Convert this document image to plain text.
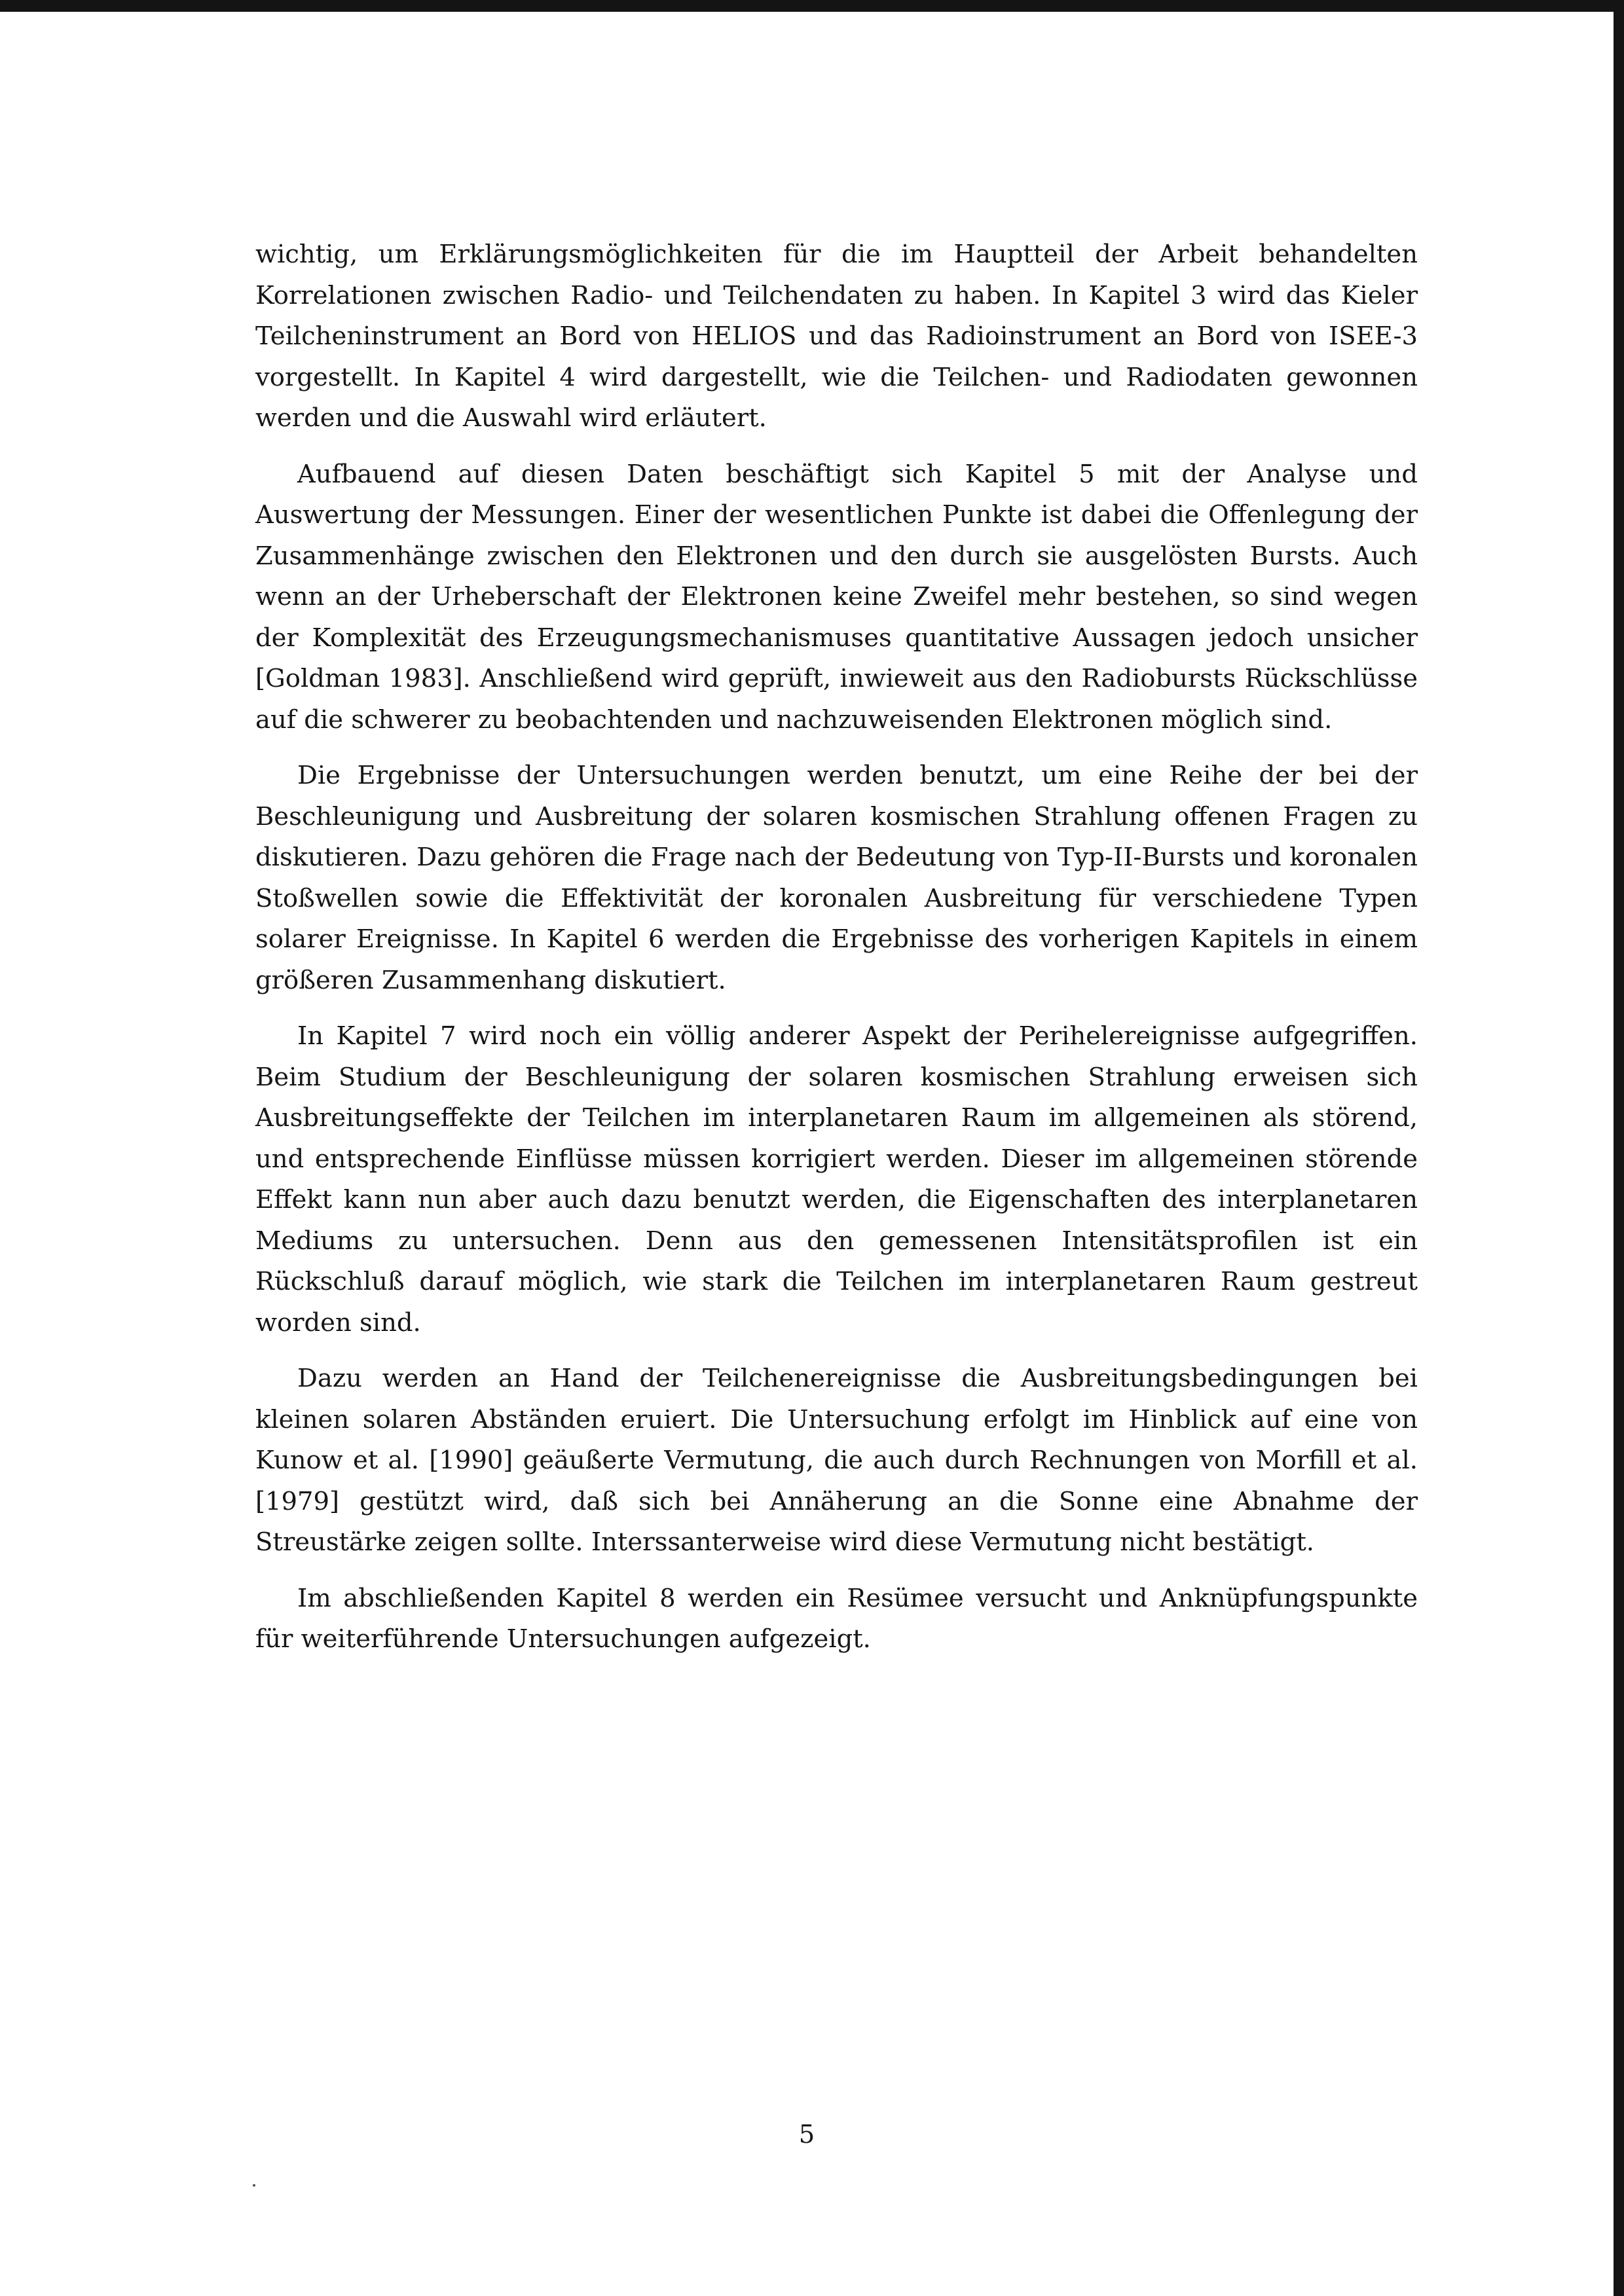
wichtig, um Erklärungsmöglichkeiten für die im Hauptteil der Arbeit behandelten Korrelationen zwischen Radio- und Teilchendaten zu haben. In Kapitel 3 wird das Kieler Teilcheninstrument an Bord von HELIOS und das Radioinstrument an Bord von ISEE-3 vorgestellt. In Kapitel 4 wird dargestellt, wie die Teilchen- und Radiodaten gewonnen werden und die Auswahl wird erläutert.

Aufbauend auf diesen Daten beschäftigt sich Kapitel 5 mit der Analyse und Auswertung der Messungen. Einer der wesentlichen Punkte ist dabei die Offenlegung der Zusammenhänge zwischen den Elektronen und den durch sie ausgelösten Bursts. Auch wenn an der Urheberschaft der Elektronen keine Zweifel mehr bestehen, so sind wegen der Komplexität des Erzeugungsmechanismuses quantitative Aussagen jedoch unsicher [Goldman 1983]. Anschließend wird geprüft, inwieweit aus den Radiobursts Rückschlüsse auf die schwerer zu beobachtenden und nachzuweisenden Elektronen möglich sind.

Die Ergebnisse der Untersuchungen werden benutzt, um eine Reihe der bei der Beschleunigung und Ausbreitung der solaren kosmischen Strahlung offenen Fragen zu diskutieren. Dazu gehören die Frage nach der Bedeutung von Typ-II-Bursts und koronalen Stoßwellen sowie die Effektivität der koronalen Ausbreitung für verschiedene Typen solarer Ereignisse. In Kapitel 6 werden die Ergebnisse des vorherigen Kapitels in einem größeren Zusammenhang diskutiert.

In Kapitel 7 wird noch ein völlig anderer Aspekt der Perihelereignisse aufgegriffen. Beim Studium der Beschleunigung der solaren kosmischen Strahlung erweisen sich Ausbreitungseffekte der Teilchen im interplanetaren Raum im allgemeinen als störend, und entsprechende Einflüsse müssen korrigiert werden. Dieser im allgemeinen störende Effekt kann nun aber auch dazu benutzt werden, die Eigenschaften des interplanetaren Mediums zu untersuchen. Denn aus den gemessenen Intensitätsprofilen ist ein Rückschluß darauf möglich, wie stark die Teilchen im interplanetaren Raum gestreut worden sind.

Dazu werden an Hand der Teilchenereignisse die Ausbreitungsbedingungen bei kleinen solaren Abständen eruiert. Die Untersuchung erfolgt im Hinblick auf eine von Kunow et al. [1990] geäußerte Vermutung, die auch durch Rechnungen von Morfill et al. [1979] gestützt wird, daß sich bei Annäherung an die Sonne eine Abnahme der Streustärke zeigen sollte. Interssanterweise wird diese Vermutung nicht bestätigt.

Im abschließenden Kapitel 8 werden ein Resümee versucht und Anknüpfungspunkte für weiterführende Untersuchungen aufgezeigt.

5
